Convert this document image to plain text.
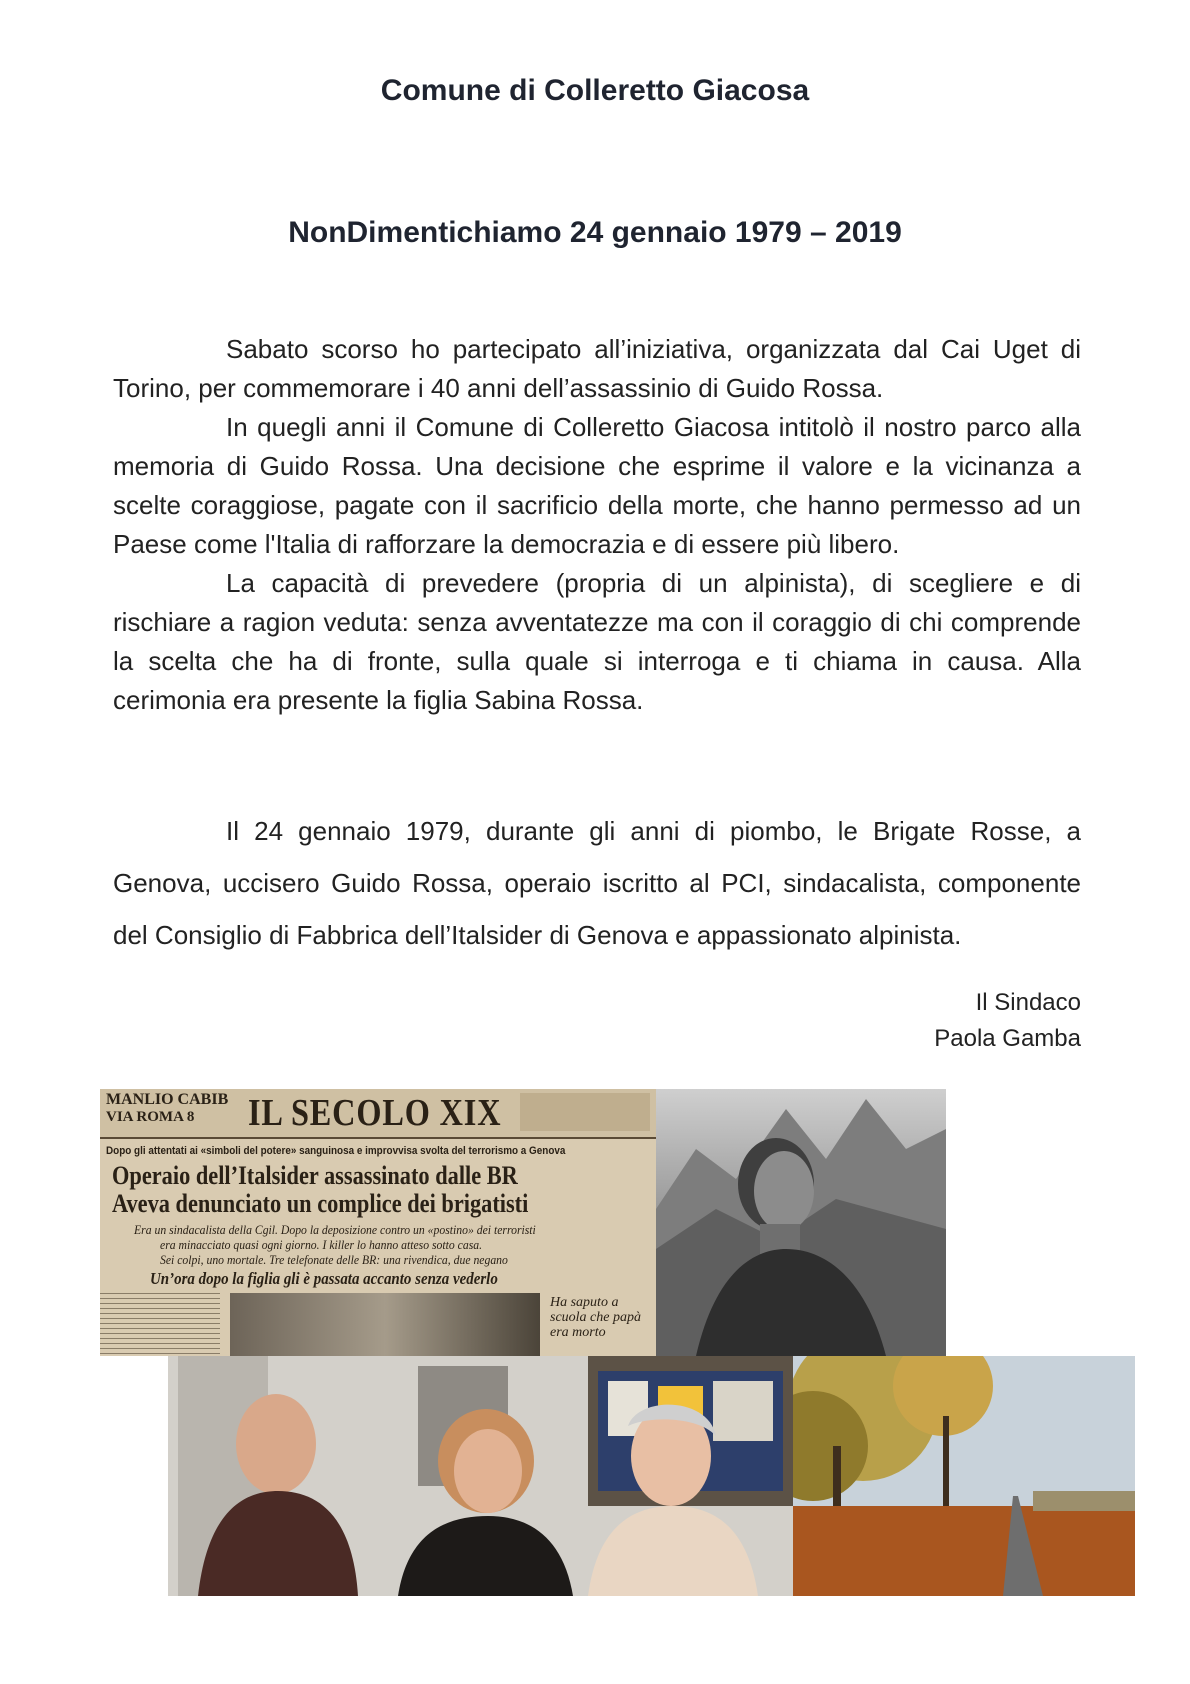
Comune di Colleretto Giacosa
NonDimentichiamo 24 gennaio 1979 – 2019

Sabato scorso ho partecipato all’iniziativa, organizzata dal Cai Uget di Torino, per commemorare i 40 anni dell’assassinio di Guido Rossa.

In quegli anni il Comune di Colleretto Giacosa intitolò il nostro parco alla memoria di Guido Rossa. Una decisione che esprime il valore e la vicinanza a scelte coraggiose, pagate con il sacrificio della morte, che hanno permesso ad un Paese come l'Italia di rafforzare la democrazia e di essere più libero.

La capacità di prevedere (propria di un alpinista), di scegliere e di rischiare a ragion veduta: senza avventatezze ma con il coraggio di chi comprende la scelta che ha di fronte, sulla quale si interroga e ti chiama in causa. Alla cerimonia era presente la figlia Sabina Rossa.

Il 24 gennaio 1979, durante gli anni di piombo, le Brigate Rosse, a Genova, uccisero Guido Rossa, operaio iscritto al PCI, sindacalista, componente del Consiglio di Fabbrica dell’Italsider di Genova e appassionato alpinista.

Il Sindaco
Paola Gamba
MANLIO CABIB
VIA ROMA 8 IL SECOLO XIX
Dopo gli attentati ai «simboli del potere» sanguinosa e improvvisa svolta del terrorismo a Genova
Operaio dell’Italsider assassinato dalle BR
Aveva denunciato un complice dei brigatisti
Era un sindacalista della Cgil. Dopo la deposizione contro un «postino» dei terroristi
era minacciato quasi ogni giorno. I killer lo hanno atteso sotto casa.
Sei colpi, uno mortale. Tre telefonate delle BR: una rivendica, due negano
Un’ora dopo la figlia gli è passata accanto senza vederlo
Ha saputo a scuola che papà era morto
